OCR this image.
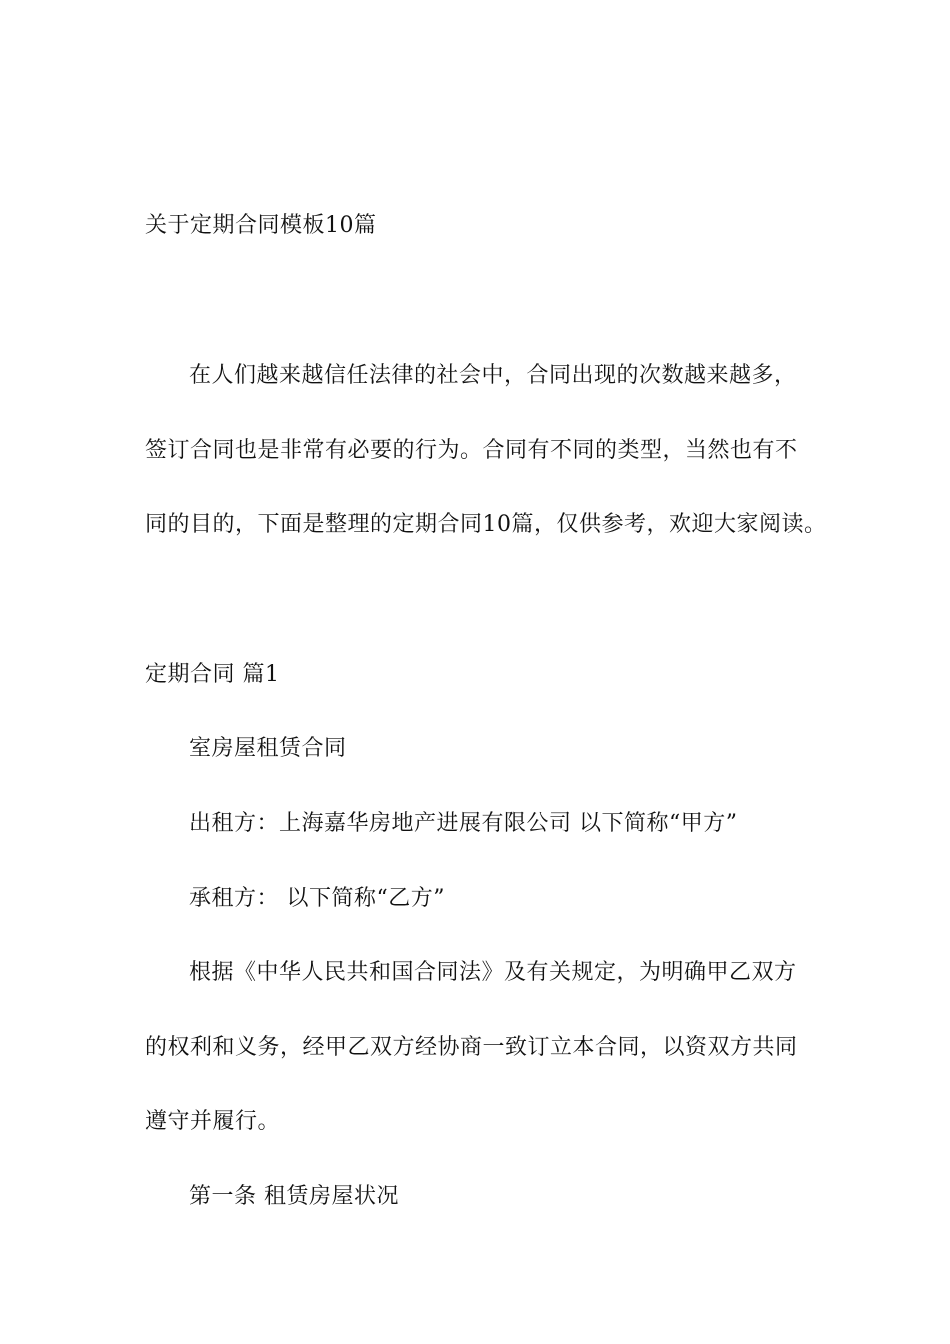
关于定期合同模板10篇
在人们越来越信任法律的社会中，合同出现的次数越来越多，
签订合同也是非常有必要的行为。合同有不同的类型，当然也有不
同的目的，下面是整理的定期合同10篇，仅供参考，欢迎大家阅读。
定期合同 篇1
室房屋租赁合同
出租方：上海嘉华房地产进展有限公司 以下简称“甲方”
承租方： 以下简称“乙方”
根据《中华人民共和国合同法》及有关规定，为明确甲乙双方
的权利和义务，经甲乙双方经协商一致订立本合同，以资双方共同
遵守并履行。
第一条 租赁房屋状况
